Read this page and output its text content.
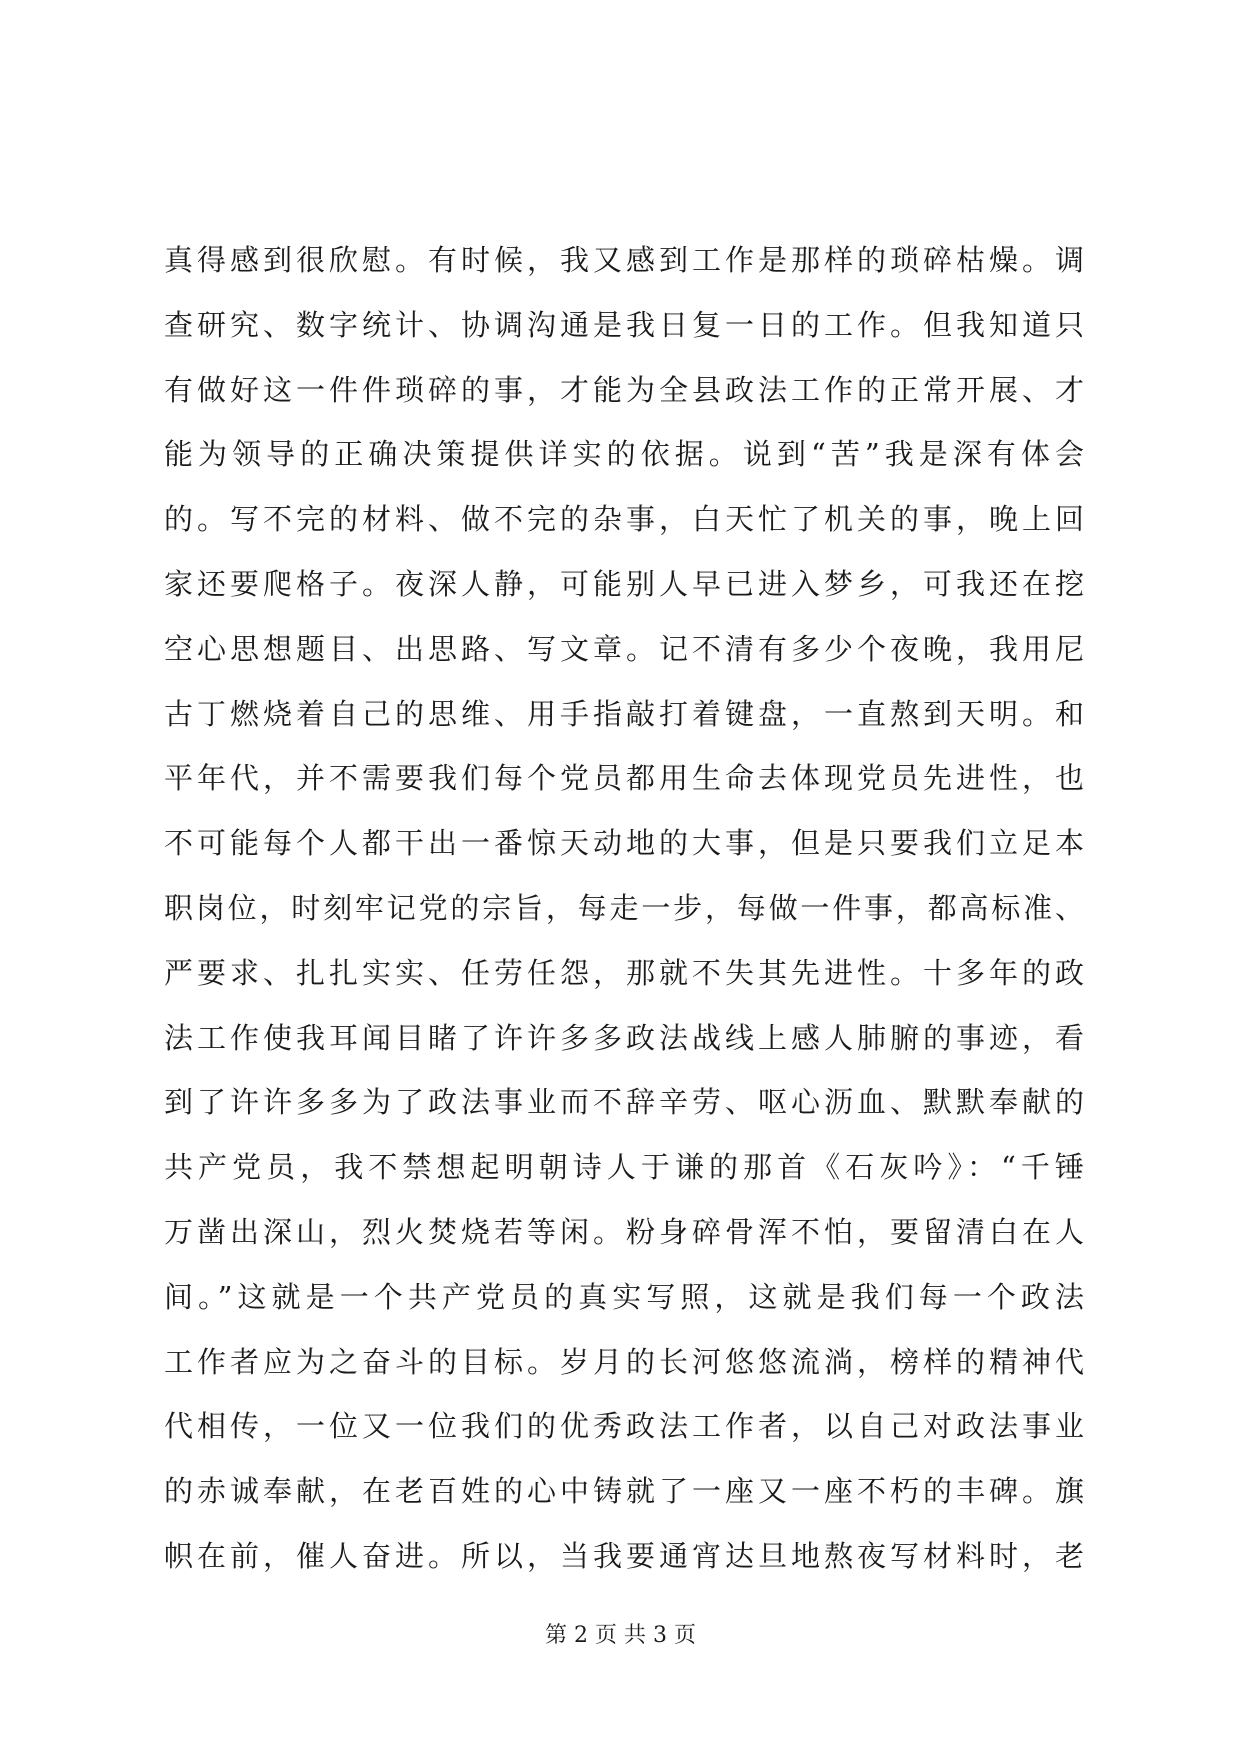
真得感到很欣慰。有时候，我又感到工作是那样的琐碎枯燥。调
查研究、数字统计、协调沟通是我日复一日的工作。但我知道只
有做好这一件件琐碎的事，才能为全县政法工作的正常开展、才
能为领导的正确决策提供详实的依据。说到“苦”我是深有体会
的。写不完的材料、做不完的杂事，白天忙了机关的事，晚上回
家还要爬格子。夜深人静，可能别人早已进入梦乡，可我还在挖
空心思想题目、出思路、写文章。记不清有多少个夜晚，我用尼
古丁燃烧着自己的思维、用手指敲打着键盘，一直熬到天明。和
平年代，并不需要我们每个党员都用生命去体现党员先进性，也
不可能每个人都干出一番惊天动地的大事，但是只要我们立足本
职岗位，时刻牢记党的宗旨，每走一步，每做一件事，都高标准、
严要求、扎扎实实、任劳任怨，那就不失其先进性。十多年的政
法工作使我耳闻目睹了许许多多政法战线上感人肺腑的事迹，看
到了许许多多为了政法事业而不辞辛劳、呕心沥血、默默奉献的
共产党员，我不禁想起明朝诗人于谦的那首《石灰吟》：“千锤
万凿出深山，烈火焚烧若等闲。粉身碎骨浑不怕，要留清白在人
间。”这就是一个共产党员的真实写照，这就是我们每一个政法
工作者应为之奋斗的目标。岁月的长河悠悠流淌，榜样的精神代
代相传，一位又一位我们的优秀政法工作者，以自己对政法事业
的赤诚奉献，在老百姓的心中铸就了一座又一座不朽的丰碑。旗
帜在前，催人奋进。所以，当我要通宵达旦地熬夜写材料时，老
第 2 页 共 3 页
